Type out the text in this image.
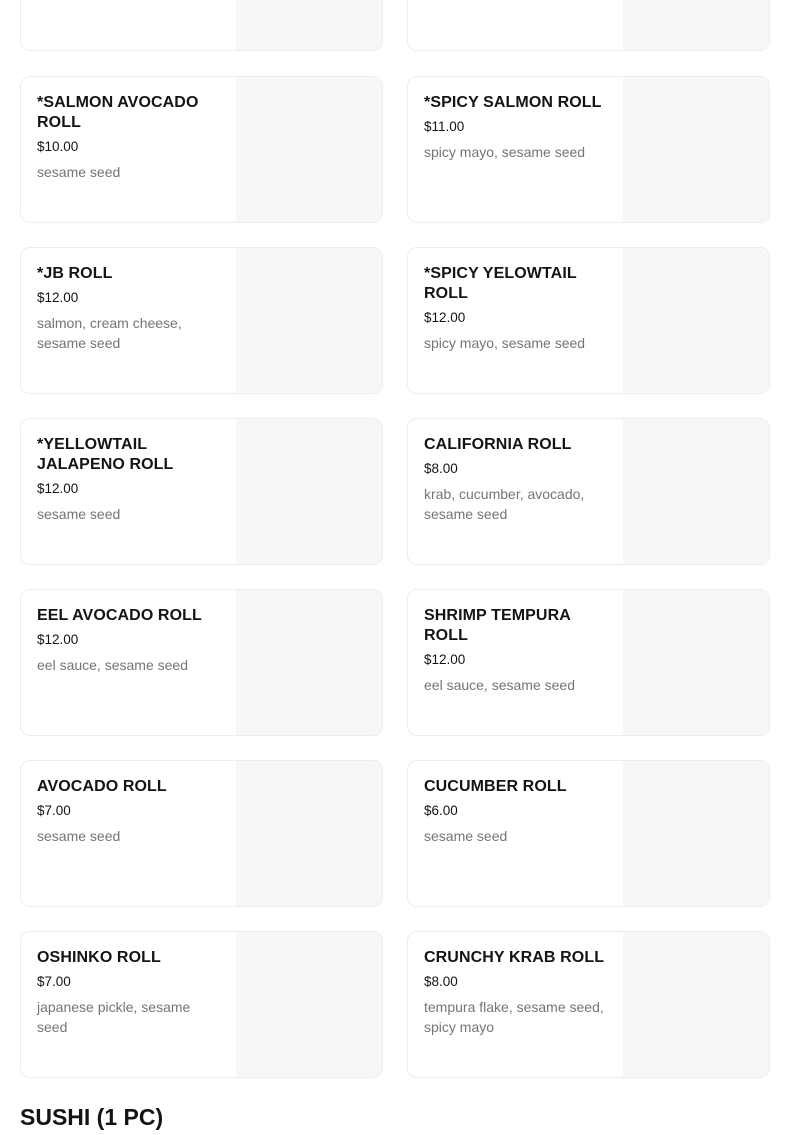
*SALMON AVOCADO ROLL
$10.00
sesame seed
*SPICY SALMON ROLL
$11.00
spicy mayo, sesame seed
*JB ROLL
$12.00
salmon, cream cheese, sesame seed
*SPICY YELOWTAIL ROLL
$12.00
spicy mayo, sesame seed
*YELLOWTAIL JALAPENO ROLL
$12.00
sesame seed
CALIFORNIA ROLL
$8.00
krab, cucumber, avocado, sesame seed
EEL AVOCADO ROLL
$12.00
eel sauce, sesame seed
SHRIMP TEMPURA ROLL
$12.00
eel sauce, sesame seed
AVOCADO ROLL
$7.00
sesame seed
CUCUMBER ROLL
$6.00
sesame seed
OSHINKO ROLL
$7.00
japanese pickle, sesame seed
CRUNCHY KRAB ROLL
$8.00
tempura flake, sesame seed, spicy mayo
SUSHI (1 PC)
